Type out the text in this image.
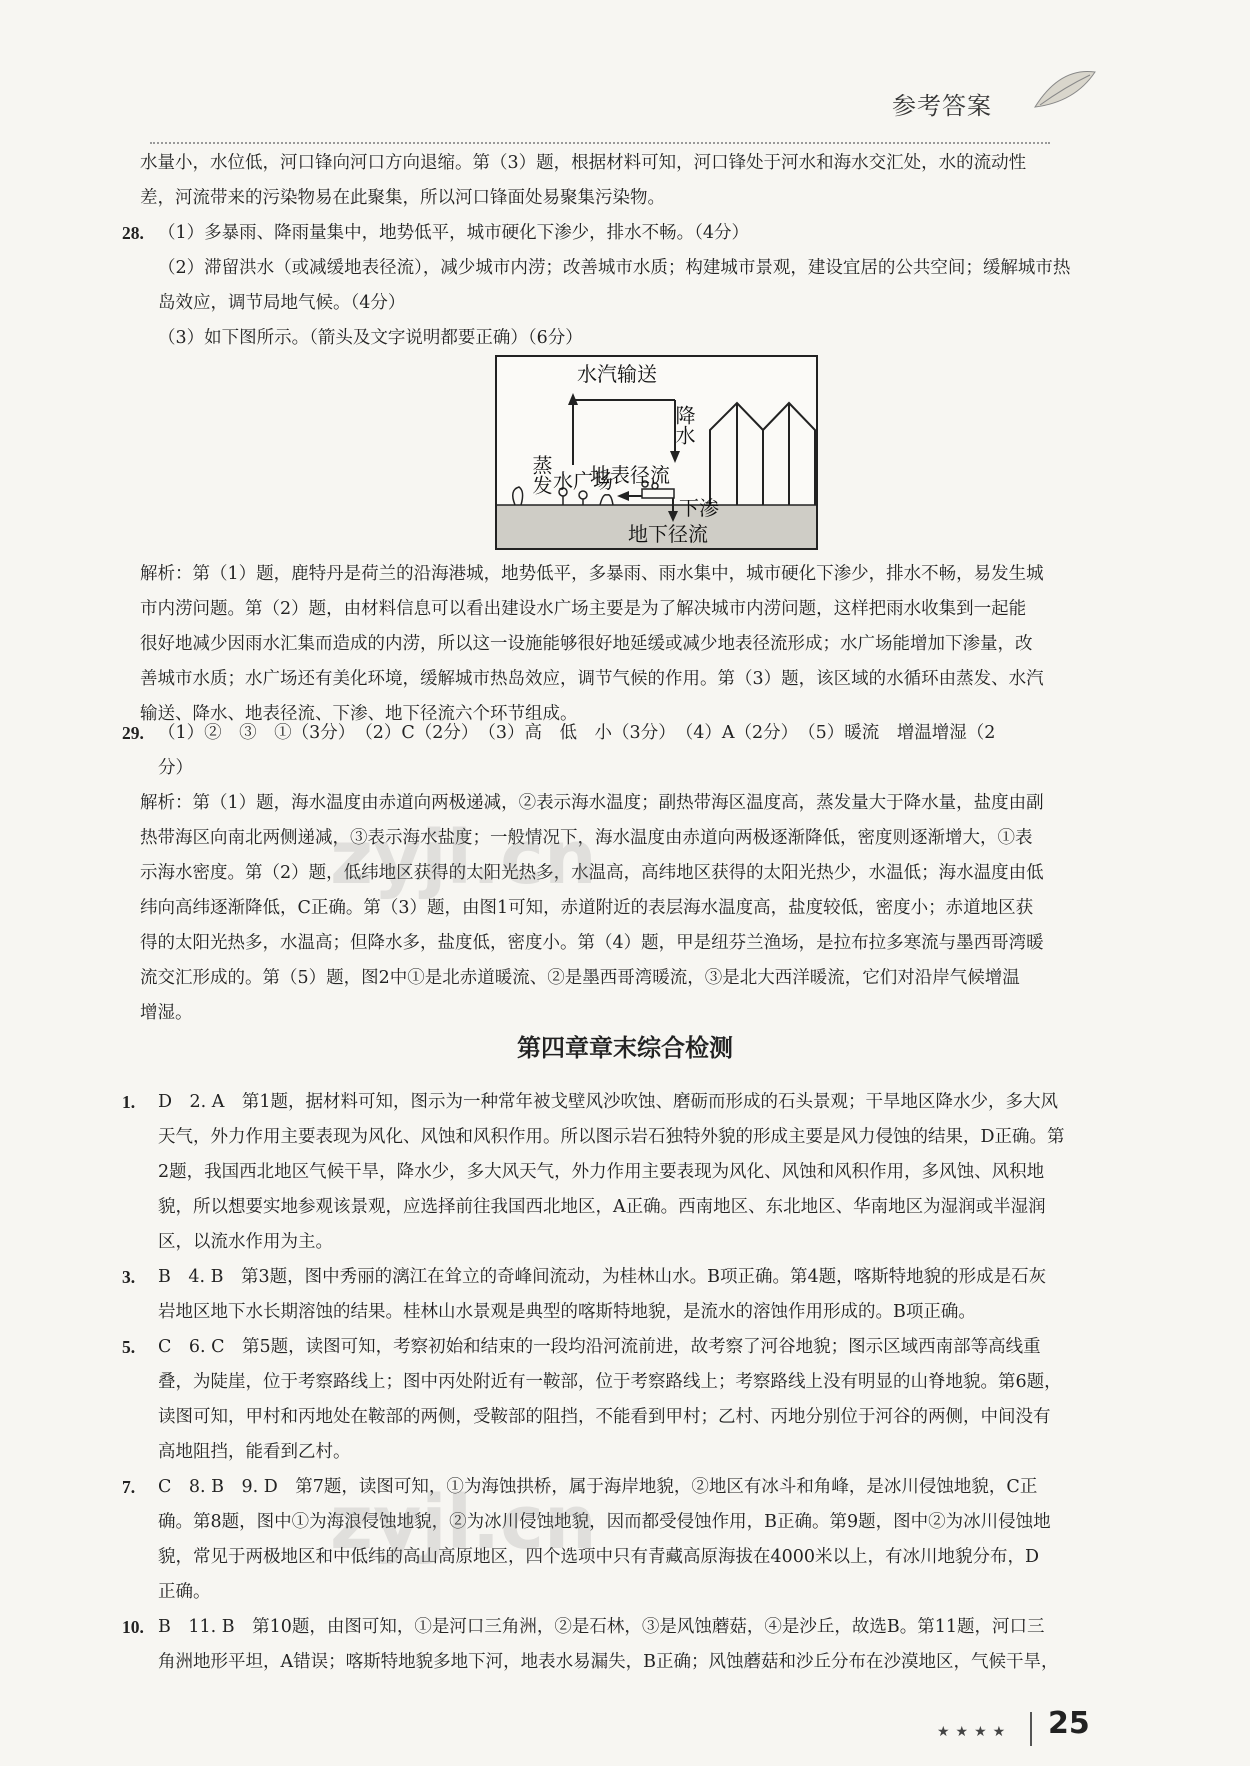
参考答案

水量小，水位低，河口锋向河口方向退缩。第（3）题，根据材料可知，河口锋处于河水和海水交汇处，水的流动性

差，河流带来的污染物易在此聚集，所以河口锋面处易聚集污染物。

28. （1）多暴雨、降雨量集中，地势低平，城市硬化下渗少，排水不畅。（4分）

（2）滞留洪水（或减缓地表径流），减少城市内涝；改善城市水质；构建城市景观，建设宜居的公共空间；缓解城市热

岛效应，调节局地气候。（4分）

（3）如下图所示。（箭头及文字说明都要正确）（6分）

水汽输送
蒸发
降水
地表径流
水广场
下渗
地下径流

解析：第（1）题，鹿特丹是荷兰的沿海港城，地势低平，多暴雨、雨水集中，城市硬化下渗少，排水不畅，易发生城

市内涝问题。第（2）题，由材料信息可以看出建设水广场主要是为了解决城市内涝问题，这样把雨水收集到一起能

很好地减少因雨水汇集而造成的内涝，所以这一设施能够很好地延缓或减少地表径流形成；水广场能增加下渗量，改

善城市水质；水广场还有美化环境，缓解城市热岛效应，调节气候的作用。第（3）题，该区域的水循环由蒸发、水汽

输送、降水、地表径流、下渗、地下径流六个环节组成。

29. （1）②　③　①（3分）　（2）C（2分）　（3）高　低　小（3分）　（4）A（2分）　（5）暖流　增温增湿（2

分）

解析：第（1）题，海水温度由赤道向两极递减，②表示海水温度；副热带海区温度高，蒸发量大于降水量，盐度由副

热带海区向南北两侧递减，③表示海水盐度；一般情况下，海水温度由赤道向两极逐渐降低，密度则逐渐增大，①表

示海水密度。第（2）题，低纬地区获得的太阳光热多，水温高，高纬地区获得的太阳光热少，水温低；海水温度由低

纬向高纬逐渐降低，C正确。第（3）题，由图1可知，赤道附近的表层海水温度高，盐度较低，密度小；赤道地区获

得的太阳光热多，水温高；但降水多，盐度低，密度小。第（4）题，甲是纽芬兰渔场，是拉布拉多寒流与墨西哥湾暖

流交汇形成的。第（5）题，图2中①是北赤道暖流、②是墨西哥湾暖流，③是北大西洋暖流，它们对沿岸气候增温

增湿。

第四章章末综合检测

1. D　2. A　第1题，据材料可知，图示为一种常年被戈壁风沙吹蚀、磨砺而形成的石头景观；干旱地区降水少，多大风

天气，外力作用主要表现为风化、风蚀和风积作用。所以图示岩石独特外貌的形成主要是风力侵蚀的结果，D正确。第

2题，我国西北地区气候干旱，降水少，多大风天气，外力作用主要表现为风化、风蚀和风积作用，多风蚀、风积地

貌，所以想要实地参观该景观，应选择前往我国西北地区，A正确。西南地区、东北地区、华南地区为湿润或半湿润

区，以流水作用为主。

3. B　4. B　第3题，图中秀丽的漓江在耸立的奇峰间流动，为桂林山水。B项正确。第4题，喀斯特地貌的形成是石灰

岩地区地下水长期溶蚀的结果。桂林山水景观是典型的喀斯特地貌，是流水的溶蚀作用形成的。B项正确。

5. C　6. C　第5题，读图可知，考察初始和结束的一段均沿河流前进，故考察了河谷地貌；图示区域西南部等高线重

叠，为陡崖，位于考察路线上；图中丙处附近有一鞍部，位于考察路线上；考察路线上没有明显的山脊地貌。第6题，

读图可知，甲村和丙地处在鞍部的两侧，受鞍部的阻挡，不能看到甲村；乙村、丙地分别位于河谷的两侧，中间没有

高地阻挡，能看到乙村。

7. C　8. B　9. D　第7题，读图可知，①为海蚀拱桥，属于海岸地貌，②地区有冰斗和角峰，是冰川侵蚀地貌，C正

确。第8题，图中①为海浪侵蚀地貌，②为冰川侵蚀地貌，因而都受侵蚀作用，B正确。第9题，图中②为冰川侵蚀地

貌，常见于两极地区和中低纬的高山高原地区，四个选项中只有青藏高原海拔在4000米以上，有冰川地貌分布，D

正确。

10. B　11. B　第10题，由图可知，①是河口三角洲，②是石林，③是风蚀蘑菇，④是沙丘，故选B。第11题，河口三

角洲地形平坦，A错误；喀斯特地貌多地下河，地表水易漏失，B正确；风蚀蘑菇和沙丘分布在沙漠地区，气候干旱，

zyjl.cn
zyjl.cn
★★★★ 25
